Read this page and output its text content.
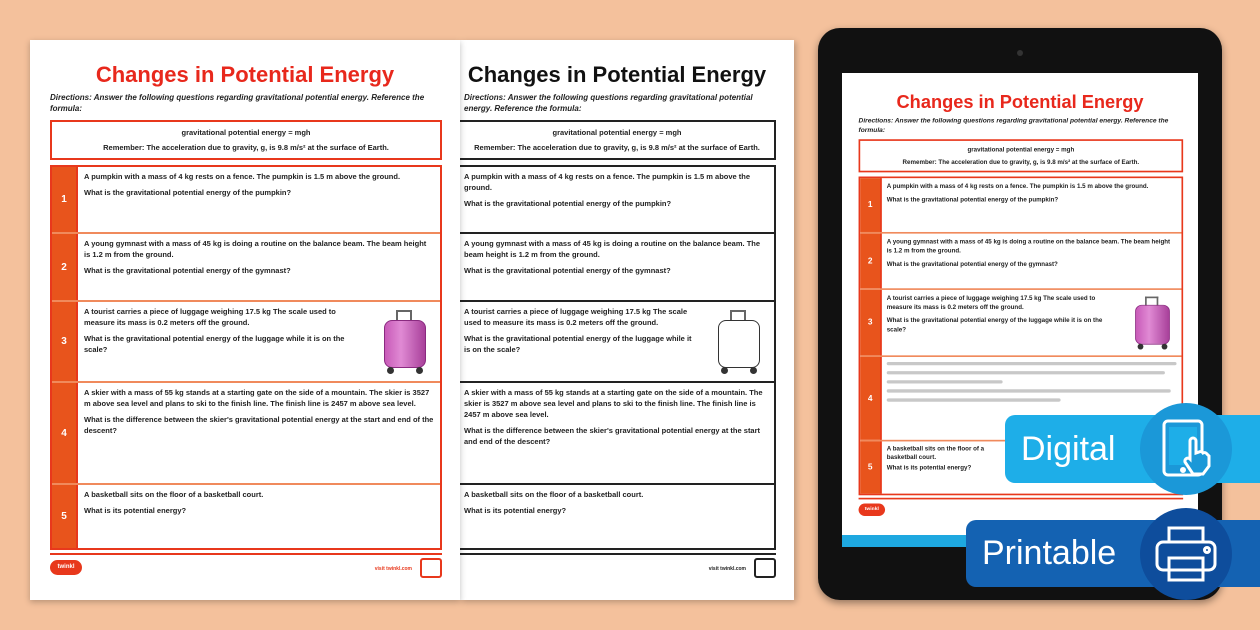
Changes in Potential Energy
Directions: Answer the following questions regarding gravitational potential energy. Reference the formula:
gravitational potential energy = mgh
Remember: The acceleration due to gravity, g, is 9.8 m/s² at the surface of Earth.

A pumpkin with a mass of 4 kg rests on a fence. The pumpkin is 1.5 m above the ground.

What is the gravitational potential energy of the pumpkin?

A young gymnast with a mass of 45 kg is doing a routine on the balance beam. The beam height is 1.2 m from the ground.

What is the gravitational potential energy of the gymnast?

A tourist carries a piece of luggage weighing 17.5 kg The scale used to measure its mass is 0.2 meters off the ground.

What is the gravitational potential energy of the luggage while it is on the scale?

A skier with a mass of 55 kg stands at a starting gate on the side of a mountain. The skier is 3527 m above sea level and plans to ski to the finish line. The finish line is 2457 m above sea level.

What is the difference between the skier's gravitational potential energy at the start and end of the descent?

A basketball sits on the floor of a basketball court.

What is its potential energy?

visit twinkl.com
Changes in Potential Energy
Directions: Answer the following questions regarding gravitational potential energy. Reference the formula:
gravitational potential energy = mgh
Remember: The acceleration due to gravity, g, is 9.8 m/s² at the surface of Earth.
1

A pumpkin with a mass of 4 kg rests on a fence. The pumpkin is 1.5 m above the ground.

What is the gravitational potential energy of the pumpkin?

2

A young gymnast with a mass of 45 kg is doing a routine on the balance beam. The beam height is 1.2 m from the ground.

What is the gravitational potential energy of the gymnast?

3

A tourist carries a piece of luggage weighing 17.5 kg The scale used to measure its mass is 0.2 meters off the ground.

What is the gravitational potential energy of the luggage while it is on the scale?

4

A skier with a mass of 55 kg stands at a starting gate on the side of a mountain. The skier is 3527 m above sea level and plans to ski to the finish line. The finish line is 2457 m above sea level.

What is the difference between the skier's gravitational potential energy at the start and end of the descent?

5

A basketball sits on the floor of a basketball court.

What is its potential energy?

twinkl	visit twinkl.com
Changes in Potential Energy
Directions: Answer the following questions regarding gravitational potential energy. Reference the formula:
gravitational potential energy = mgh
Remember: The acceleration due to gravity, g, is 9.8 m/s² at the surface of Earth.
1

A pumpkin with a mass of 4 kg rests on a fence. The pumpkin is 1.5 m above the ground.

What is the gravitational potential energy of the pumpkin?

2

A young gymnast with a mass of 45 kg is doing a routine on the balance beam. The beam height is 1.2 m from the ground.

What is the gravitational potential energy of the gymnast?

3

A tourist carries a piece of luggage weighing 17.5 kg The scale used to measure its mass is 0.2 meters off the ground.

What is the gravitational potential energy of the luggage while it is on the scale?

4
5

A basketball sits on the floor of a basketball court.

What is its potential energy?

twinkl
Digital
Printable
